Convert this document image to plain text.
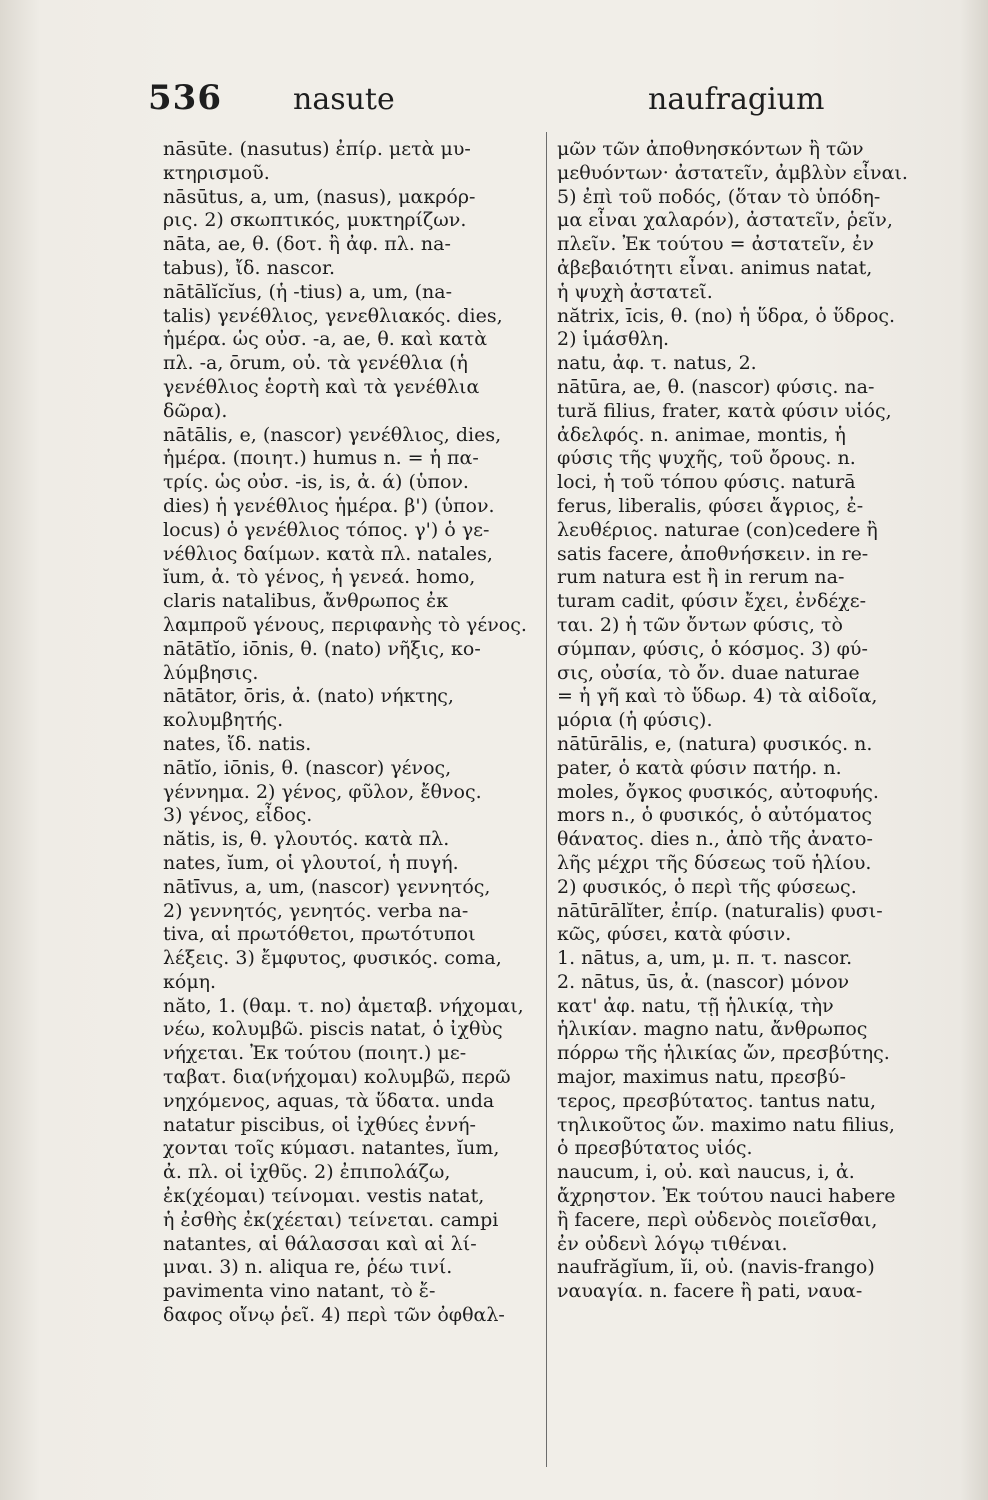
536 nasute	naufragium
nāsūte. (nasutus) ἐπίρ. μετὰ μυ-
κτηρισμοῦ.
nāsūtus, a, um, (nasus), μακρόρ-
ρις. 2) σκωπτικός, μυκτηρίζων.
nāta, ae, θ. (δοτ. ἢ ἀφ. πλ. na-
tabus), ἴδ. nascor.
nātālĭcĭus, (ἡ -tius) a, um, (na-
talis) γενέθλιος, γενεθλιακός. dies,
ἡμέρα. ὡς οὐσ. -a, ae, θ. καὶ κατὰ
πλ. -a, ōrum, οὐ. τὰ γενέθλια (ἡ
γενέθλιος ἑορτὴ καὶ τὰ γενέθλια
δῶρα).
nātālis, e, (nascor) γενέθλιος, dies,
ἡμέρα. (ποιητ.) humus n. = ἡ πα-
τρίς. ὡς οὐσ. -is, is, ἀ. ά) (ὑπον.
dies) ἡ γενέθλιος ἡμέρα. β') (ὑπον.
locus) ὁ γενέθλιος τόπος. γ') ὁ γε-
νέθλιος δαίμων. κατὰ πλ. natales,
ĭum, ἀ. τὸ γένος, ἡ γενεά. homo,
claris natalibus, ἄνθρωπος ἐκ
λαμπροῦ γένους, περιφανὴς τὸ γένος.
nātātĭo, iōnis, θ. (nato) νῆξις, κο-
λύμβησις.
nātātor, ōris, ἀ. (nato) νήκτης,
κολυμβητής.
nates, ἴδ. natis.
nātĭo, iōnis, θ. (nascor) γένος,
γέννημα. 2) γένος, φῦλον, ἔθνος.
3) γένος, εἶδος.
nătis, is, θ. γλουτός. κατὰ πλ.
nates, ĭum, οἱ γλουτοί, ἡ πυγή.
nātīvus, a, um, (nascor) γεννητός,
2) γεννητός, γενητός. verba na-
tiva, αἱ πρωτόθετοι, πρωτότυποι
λέξεις. 3) ἔμφυτος, φυσικός. coma,
κόμη.
năto, 1. (θαμ. τ. no) ἀμεταβ. νήχομαι,
νέω, κολυμβῶ. piscis natat, ὁ ἰχθὺς
νήχεται. Ἐκ τούτου (ποιητ.) με-
ταβατ. δια(νήχομαι) κολυμβῶ, περῶ
νηχόμενος, aquas, τὰ ὕδατα. unda
natatur piscibus, οἱ ἰχθύες ἐννή-
χονται τοῖς κύμασι. natantes, ĭum,
ἀ. πλ. οἱ ἰχθῦς. 2) ἐπιπολάζω,
ἐκ(χέομαι) τείνομαι. vestis natat,
ἡ ἐσθὴς ἐκ(χέεται) τείνεται. campi
natantes, αἱ θάλασσαι καὶ αἱ λί-
μναι. 3) n. aliqua re, ῥέω τινί.
pavimenta vino natant, τὸ ἔ-
δαφος οἴνῳ ῥεῖ. 4) περὶ τῶν ὀφθαλ-
μῶν τῶν ἀποθνησκόντων ἢ τῶν
μεθυόντων· ἀστατεῖν, ἀμβλὺν εἶναι.
5) ἐπὶ τοῦ ποδός, (ὅταν τὸ ὑπόδη-
μα εἶναι χαλαρόν), ἀστατεῖν, ῥεῖν,
πλεῖν. Ἐκ τούτου = ἀστατεῖν, ἐν
ἀβεβαιότητι εἶναι. animus natat,
ἡ ψυχὴ ἀστατεῖ.
nătrix, īcis, θ. (no) ἡ ὕδρα, ὁ ὕδρος.
2) ἱμάσθλη.
natu, ἀφ. τ. natus, 2.
nātūra, ae, θ. (nascor) φύσις. na-
tură filius, frater, κατὰ φύσιν υἱός,
ἀδελφός. n. animae, montis, ἡ
φύσις τῆς ψυχῆς, τοῦ ὄρους. n.
loci, ἡ τοῦ τόπου φύσις. naturā
ferus, liberalis, φύσει ἄγριος, ἐ-
λευθέριος. naturae (con)cedere ἢ
satis facere, ἀποθνήσκειν. in re-
rum natura est ἢ in rerum na-
turam cadit, φύσιν ἔχει, ἐνδέχε-
ται. 2) ἡ τῶν ὄντων φύσις, τὸ
σύμπαν, φύσις, ὁ κόσμος. 3) φύ-
σις, οὐσία, τὸ ὄν. duae naturae
= ἡ γῆ καὶ τὸ ὕδωρ. 4) τὰ αἰδοῖα,
μόρια (ἡ φύσις).
nātūrālis, e, (natura) φυσικός. n.
pater, ὁ κατὰ φύσιν πατήρ. n.
moles, ὄγκος φυσικός, αὐτοφυής.
mors n., ὁ φυσικός, ὁ αὐτόματος
θάνατος. dies n., ἀπὸ τῆς ἀνατο-
λῆς μέχρι τῆς δύσεως τοῦ ἡλίου.
2) φυσικός, ὁ περὶ τῆς φύσεως.
nātūrālĭter, ἐπίρ. (naturalis) φυσι-
κῶς, φύσει, κατὰ φύσιν.
1. nātus, a, um, μ. π. τ. nascor.
2. nātus, ūs, ἀ. (nascor) μόνον
κατ' ἀφ. natu, τῇ ἡλικίᾳ, τὴν
ἡλικίαν. magno natu, ἄνθρωπος
πόρρω τῆς ἡλικίας ὤν, πρεσβύτης.
major, maximus natu, πρεσβύ-
τερος, πρεσβύτατος. tantus natu,
τηλικοῦτος ὤν. maximo natu filius,
ὁ πρεσβύτατος υἱός.
naucum, i, οὐ. καὶ naucus, i, ἀ.
ἄχρηστον. Ἐκ τούτου nauci habere
ἢ facere, περὶ οὐδενὸς ποιεῖσθαι,
ἐν οὐδενὶ λόγῳ τιθέναι.
naufrăgĭum, ĭi, οὐ. (navis-frango)
ναυαγία. n. facere ἢ pati, ναυα-
